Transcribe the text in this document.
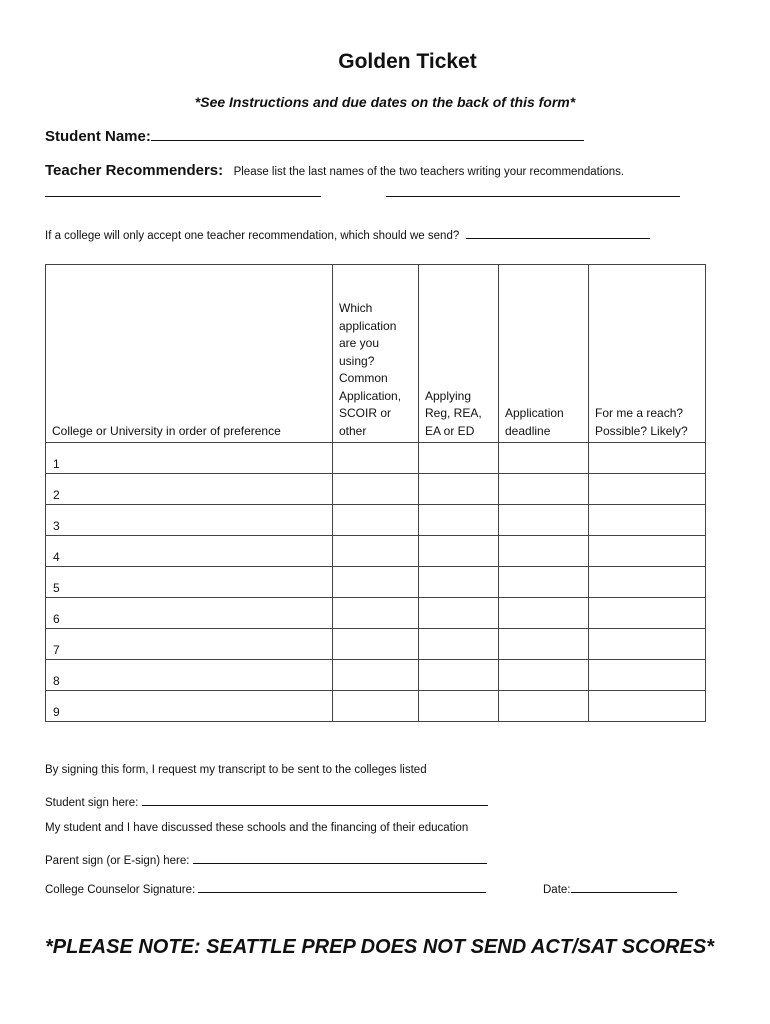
Golden Ticket
*See Instructions and due dates on the back of this form*
Student Name:
Teacher Recommenders: Please list the last names of the two teachers writing your recommendations.
If a college will only accept one teacher recommendation, which should we send?
College or University in order of preference	Which application are you using? Common Application, SCOIR or other	Applying Reg, REA, EA or ED	Application deadline	For me a reach? Possible? Likely?
1				
2				
3				
4				
5				
6				
7				
8				
9				
By signing this form, I request my transcript to be sent to the colleges listed
Student sign here:
My student and I have discussed these schools and the financing of their education
Parent sign (or E-sign) here:
College Counselor Signature:	Date:
*PLEASE NOTE: SEATTLE PREP DOES NOT SEND ACT/SAT SCORES*
